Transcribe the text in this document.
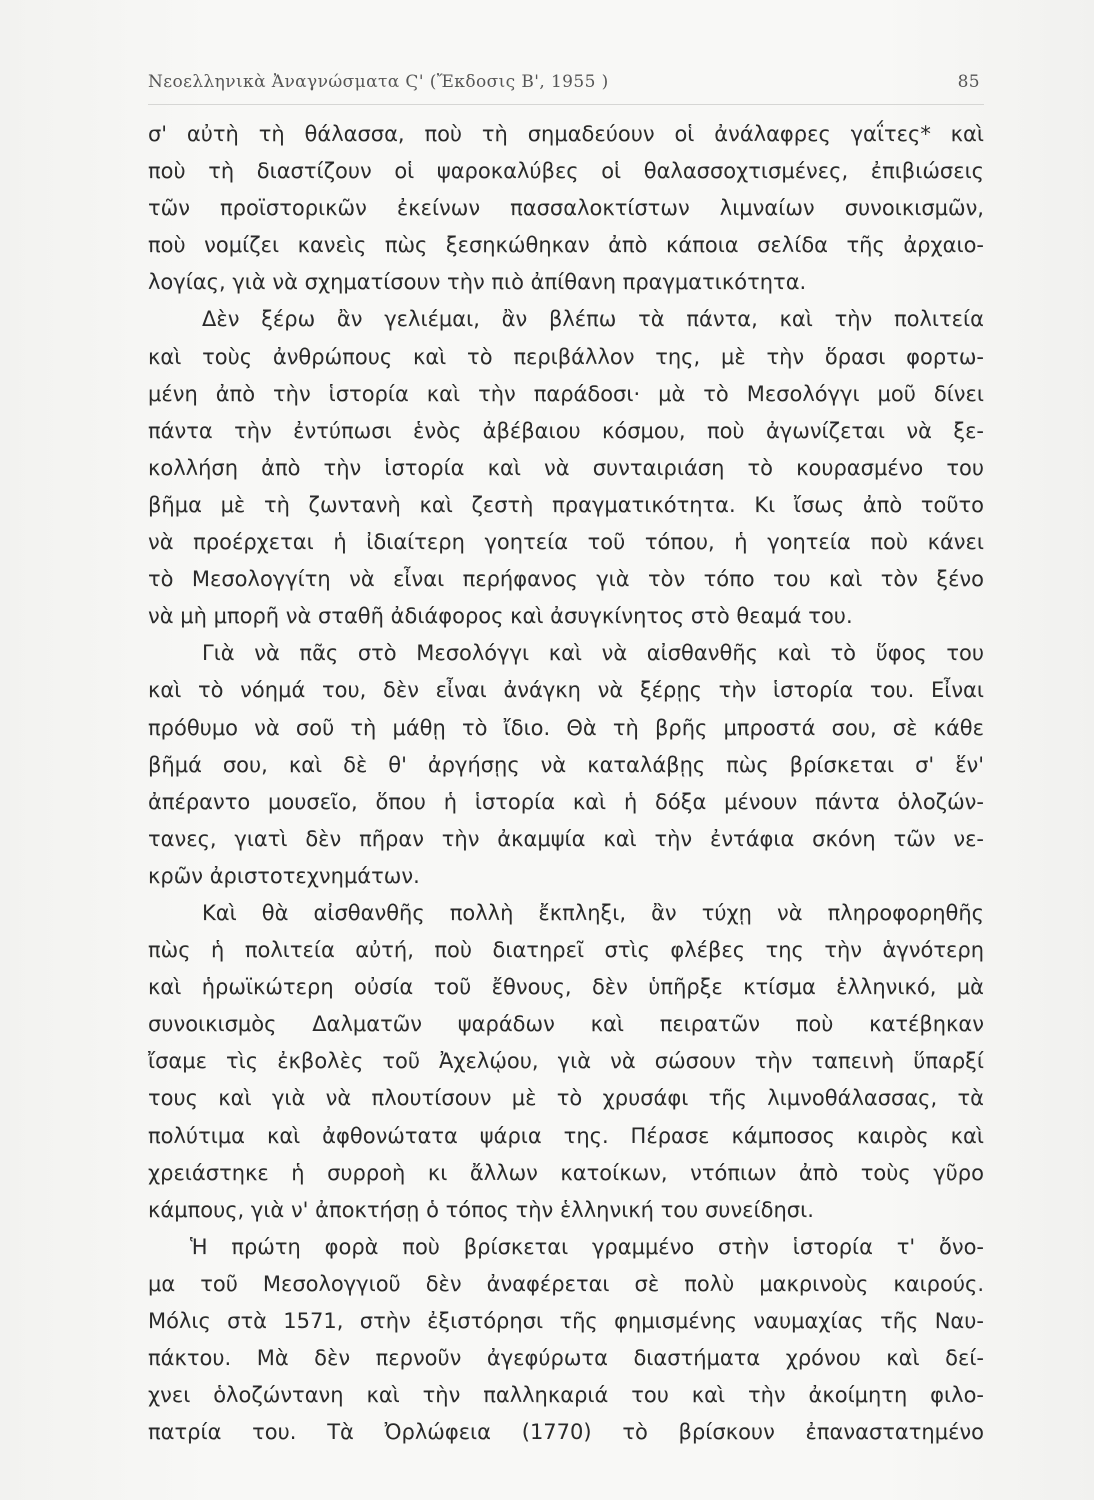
Νεοελληνικὰ Ἀναγνώσματα Ϛ' (Ἔκδοσις Β', 1955 )	85
σ' αὐτὴ τὴ θάλασσα, ποὺ τὴ σημαδεύουν οἱ ἀνάλαφρες γαΐτες* καὶ
ποὺ τὴ διαστίζουν οἱ ψαροκαλύβες οἱ θαλασσοχτισμένες, ἐπιβιώσεις
τῶν προϊστορικῶν ἐκείνων πασσαλοκτίστων λιμναίων συνοικισμῶν,
ποὺ νομίζει κανεὶς πὼς ξεσηκώθηκαν ἀπὸ κάποια σελίδα τῆς ἀρχαιο-
λογίας, γιὰ νὰ σχηματίσουν τὴν πιὸ ἀπίθανη πραγματικότητα.
Δὲν ξέρω ἂν γελιέμαι, ἂν βλέπω τὰ πάντα, καὶ τὴν πολιτεία
καὶ τοὺς ἀνθρώπους καὶ τὸ περιβάλλον της, μὲ τὴν ὅρασι φορτω-
μένη ἀπὸ τὴν ἱστορία καὶ τὴν παράδοσι· μὰ τὸ Μεσολόγγι μοῦ δίνει
πάντα τὴν ἐντύπωσι ἑνὸς ἀβέβαιου κόσμου, ποὺ ἀγωνίζεται νὰ ξε-
κολλήση ἀπὸ τὴν ἱστορία καὶ νὰ συνταιριάση τὸ κουρασμένο του
βῆμα μὲ τὴ ζωντανὴ καὶ ζεστὴ πραγματικότητα. Κι ἴσως ἀπὸ τοῦτο
νὰ προέρχεται ἡ ἰδιαίτερη γοητεία τοῦ τόπου, ἡ γοητεία ποὺ κάνει
τὸ Μεσολογγίτη νὰ εἶναι περήφανος γιὰ τὸν τόπο του καὶ τὸν ξένο
νὰ μὴ μπορῆ νὰ σταθῆ ἀδιάφορος καὶ ἀσυγκίνητος στὸ θεαμά του.
Γιὰ νὰ πᾶς στὸ Μεσολόγγι καὶ νὰ αἰσθανθῆς καὶ τὸ ὕφος του
καὶ τὸ νόημά του, δὲν εἶναι ἀνάγκη νὰ ξέρῃς τὴν ἱστορία του. Εἶναι
πρόθυμο νὰ σοῦ τὴ μάθῃ τὸ ἴδιο. Θὰ τὴ βρῆς μπροστά σου, σὲ κάθε
βῆμά σου, καὶ δὲ θ' ἀργήσῃς νὰ καταλάβῃς πὼς βρίσκεται σ' ἕν'
ἀπέραντο μουσεῖο, ὅπου ἡ ἱστορία καὶ ἡ δόξα μένουν πάντα ὁλοζών-
τανες, γιατὶ δὲν πῆραν τὴν ἀκαμψία καὶ τὴν ἐντάφια σκόνη τῶν νε-
κρῶν ἀριστοτεχνημάτων.
Καὶ θὰ αἰσθανθῆς πολλὴ ἔκπληξι, ἂν τύχῃ νὰ πληροφορηθῆς
πὼς ἡ πολιτεία αὐτή, ποὺ διατηρεῖ στὶς φλέβες της τὴν ἁγνότερη
καὶ ἡρωϊκώτερη οὐσία τοῦ ἔθνους, δὲν ὑπῆρξε κτίσμα ἑλληνικό, μὰ
συνοικισμὸς Δαλματῶν ψαράδων καὶ πειρατῶν ποὺ κατέβηκαν
ἴσαμε τὶς ἐκβολὲς τοῦ Ἀχελῴου, γιὰ νὰ σώσουν τὴν ταπεινὴ ὕπαρξί
τους καὶ γιὰ νὰ πλουτίσουν μὲ τὸ χρυσάφι τῆς λιμνοθάλασσας, τὰ
πολύτιμα καὶ ἀφθονώτατα ψάρια της. Πέρασε κάμποσος καιρὸς καὶ
χρειάστηκε ἡ συρροὴ κι ἄλλων κατοίκων, ντόπιων ἀπὸ τοὺς γῦρο
κάμπους, γιὰ ν' ἀποκτήσῃ ὁ τόπος τὴν ἑλληνική του συνείδησι.
Ἡ πρώτη φορὰ ποὺ βρίσκεται γραμμένο στὴν ἱστορία τ' ὄνο-
μα τοῦ Μεσολογγιοῦ δὲν ἀναφέρεται σὲ πολὺ μακρινοὺς καιρούς.
Μόλις στὰ 1571, στὴν ἐξιστόρησι τῆς φημισμένης ναυμαχίας τῆς Ναυ-
πάκτου. Μὰ δὲν περνοῦν ἀγεφύρωτα διαστήματα χρόνου καὶ δεί-
χνει ὁλοζώντανη καὶ τὴν παλληκαριά του καὶ τὴν ἀκοίμητη φιλο-
πατρία του. Τὰ Ὀρλώφεια (1770) τὸ βρίσκουν ἐπαναστατημένο
